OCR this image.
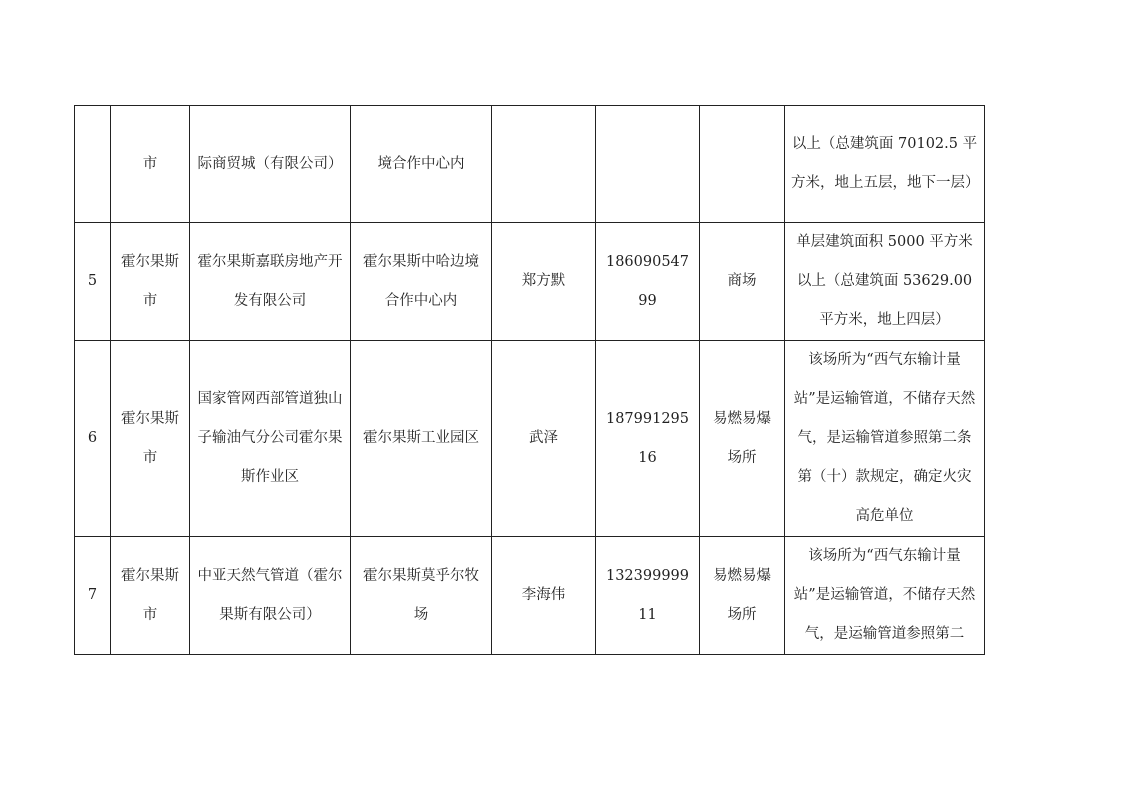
	市	际商贸城（有限公司）	境合作中心内				以上（总建筑面 70102.5 平方米，地上五层，地下一层）

5	霍尔果斯市	霍尔果斯嘉联房地产开发有限公司	霍尔果斯中哈边境合作中心内	郑方默	18609054799	商场	单层建筑面积 5000 平方米以上（总建筑面 53629.00 平方米，地上四层）

6	霍尔果斯市	国家管网西部管道独山子输油气分公司霍尔果斯作业区	霍尔果斯工业园区	武泽	18799129516	易燃易爆场所	该场所为“西气东输计量站”是运输管道，不储存天然气，是运输管道参照第二条第（十）款规定，确定火灾高危单位

7	霍尔果斯市	中亚天然气管道（霍尔果斯有限公司）	霍尔果斯莫乎尔牧场	李海伟	13239999911	易燃易爆场所	该场所为“西气东输计量站”是运输管道，不储存天然气，是运输管道参照第二
